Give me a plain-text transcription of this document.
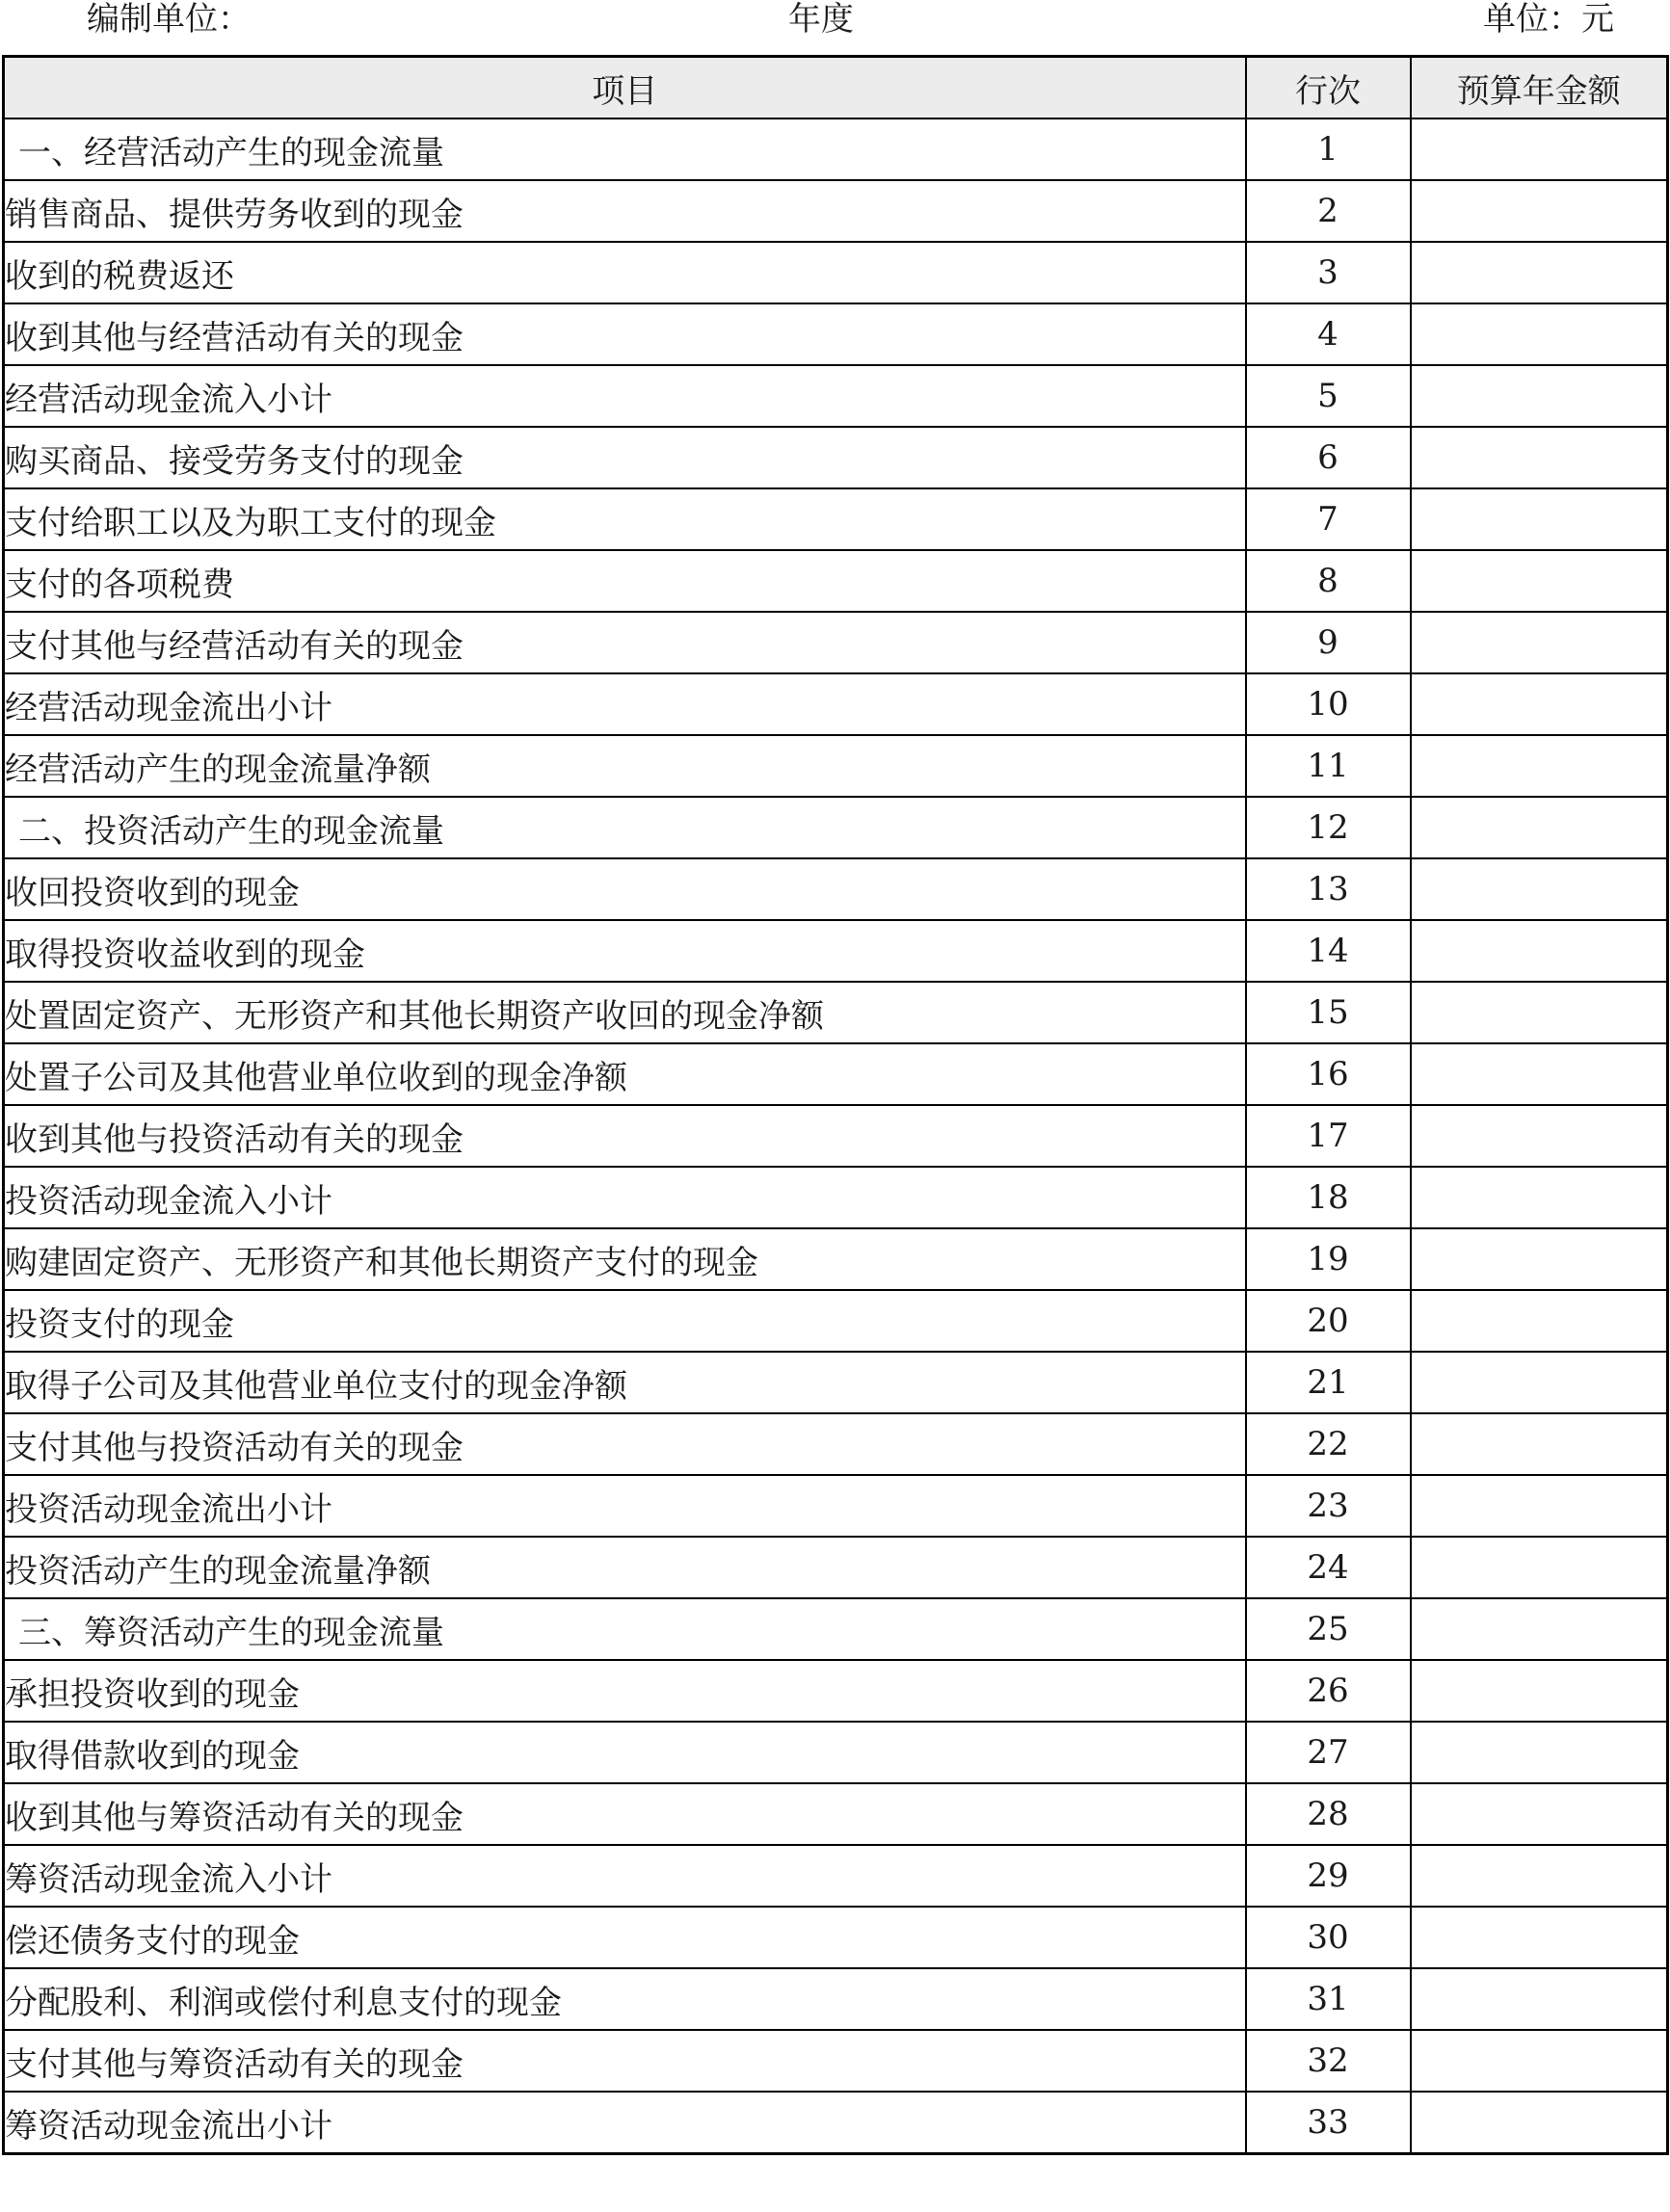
编制单位：	年度	单位：元
项目	行次	预算年金额
一、经营活动产生的现金流量	1	
销售商品、提供劳务收到的现金	2	
收到的税费返还	3	
收到其他与经营活动有关的现金	4	
经营活动现金流入小计	5	
购买商品、接受劳务支付的现金	6	
支付给职工以及为职工支付的现金	7	
支付的各项税费	8	
支付其他与经营活动有关的现金	9	
经营活动现金流出小计	10	
经营活动产生的现金流量净额	11	
二、投资活动产生的现金流量	12	
收回投资收到的现金	13	
取得投资收益收到的现金	14	
处置固定资产、无形资产和其他长期资产收回的现金净额	15	
处置子公司及其他营业单位收到的现金净额	16	
收到其他与投资活动有关的现金	17	
投资活动现金流入小计	18	
购建固定资产、无形资产和其他长期资产支付的现金	19	
投资支付的现金	20	
取得子公司及其他营业单位支付的现金净额	21	
支付其他与投资活动有关的现金	22	
投资活动现金流出小计	23	
投资活动产生的现金流量净额	24	
三、筹资活动产生的现金流量	25	
承担投资收到的现金	26	
取得借款收到的现金	27	
收到其他与筹资活动有关的现金	28	
筹资活动现金流入小计	29	
偿还债务支付的现金	30	
分配股利、利润或偿付利息支付的现金	31	
支付其他与筹资活动有关的现金	32	
筹资活动现金流出小计	33	
